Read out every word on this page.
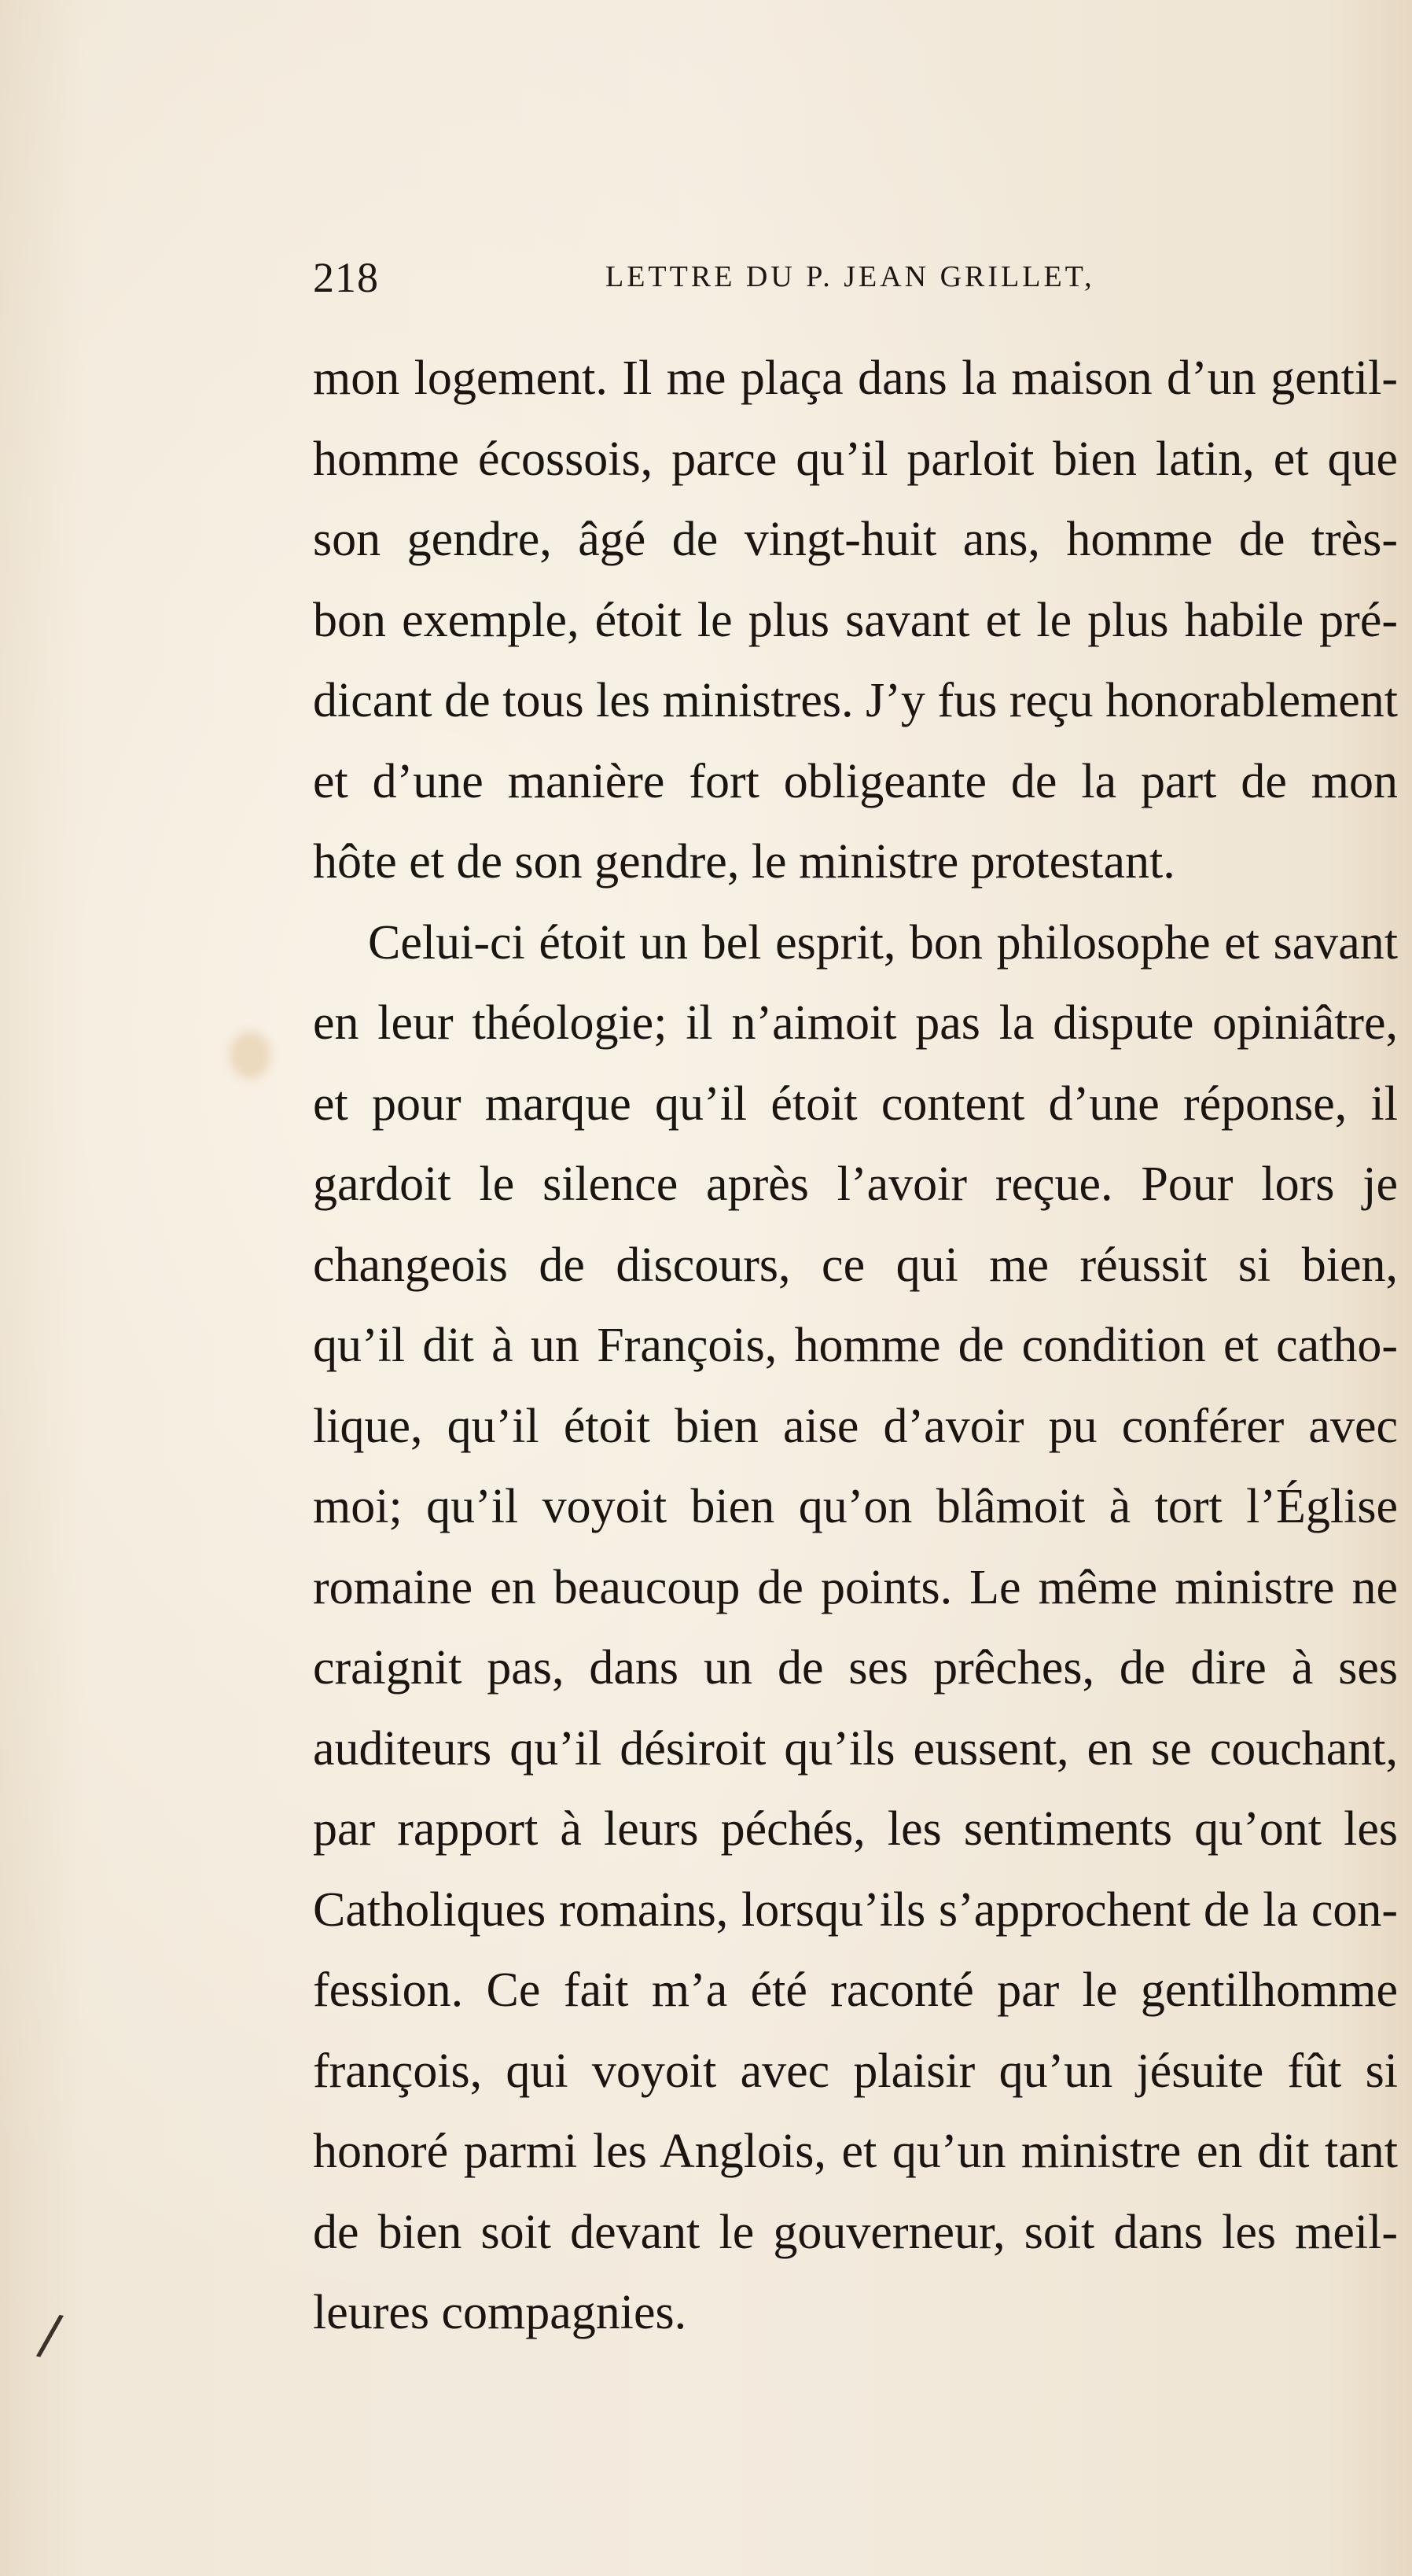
/
218	LETTRE DU P. JEAN GRILLET,
mon logement. Il me plaça dans la maison d’un gentil-
homme écossois, parce qu’il parloit bien latin, et que
son gendre, âgé de vingt-huit ans, homme de très-
bon exemple, étoit le plus savant et le plus habile pré-
dicant de tous les ministres. J’y fus reçu honorablement
et d’une manière fort obligeante de la part de mon
hôte et de son gendre, le ministre protestant.
Celui-ci étoit un bel esprit, bon philosophe et savant
en leur théologie; il n’aimoit pas la dispute opiniâtre,
et pour marque qu’il étoit content d’une réponse, il
gardoit le silence après l’avoir reçue. Pour lors je
changeois de discours, ce qui me réussit si bien,
qu’il dit à un François, homme de condition et catho-
lique, qu’il étoit bien aise d’avoir pu conférer avec
moi; qu’il voyoit bien qu’on blâmoit à tort l’Église
romaine en beaucoup de points. Le même ministre ne
craignit pas, dans un de ses prêches, de dire à ses
auditeurs qu’il désiroit qu’ils eussent, en se couchant,
par rapport à leurs péchés, les sentiments qu’ont les
Catholiques romains, lorsqu’ils s’approchent de la con-
fession. Ce fait m’a été raconté par le gentilhomme
françois, qui voyoit avec plaisir qu’un jésuite fût si
honoré parmi les Anglois, et qu’un ministre en dit tant
de bien soit devant le gouverneur, soit dans les meil-
leures compagnies.
